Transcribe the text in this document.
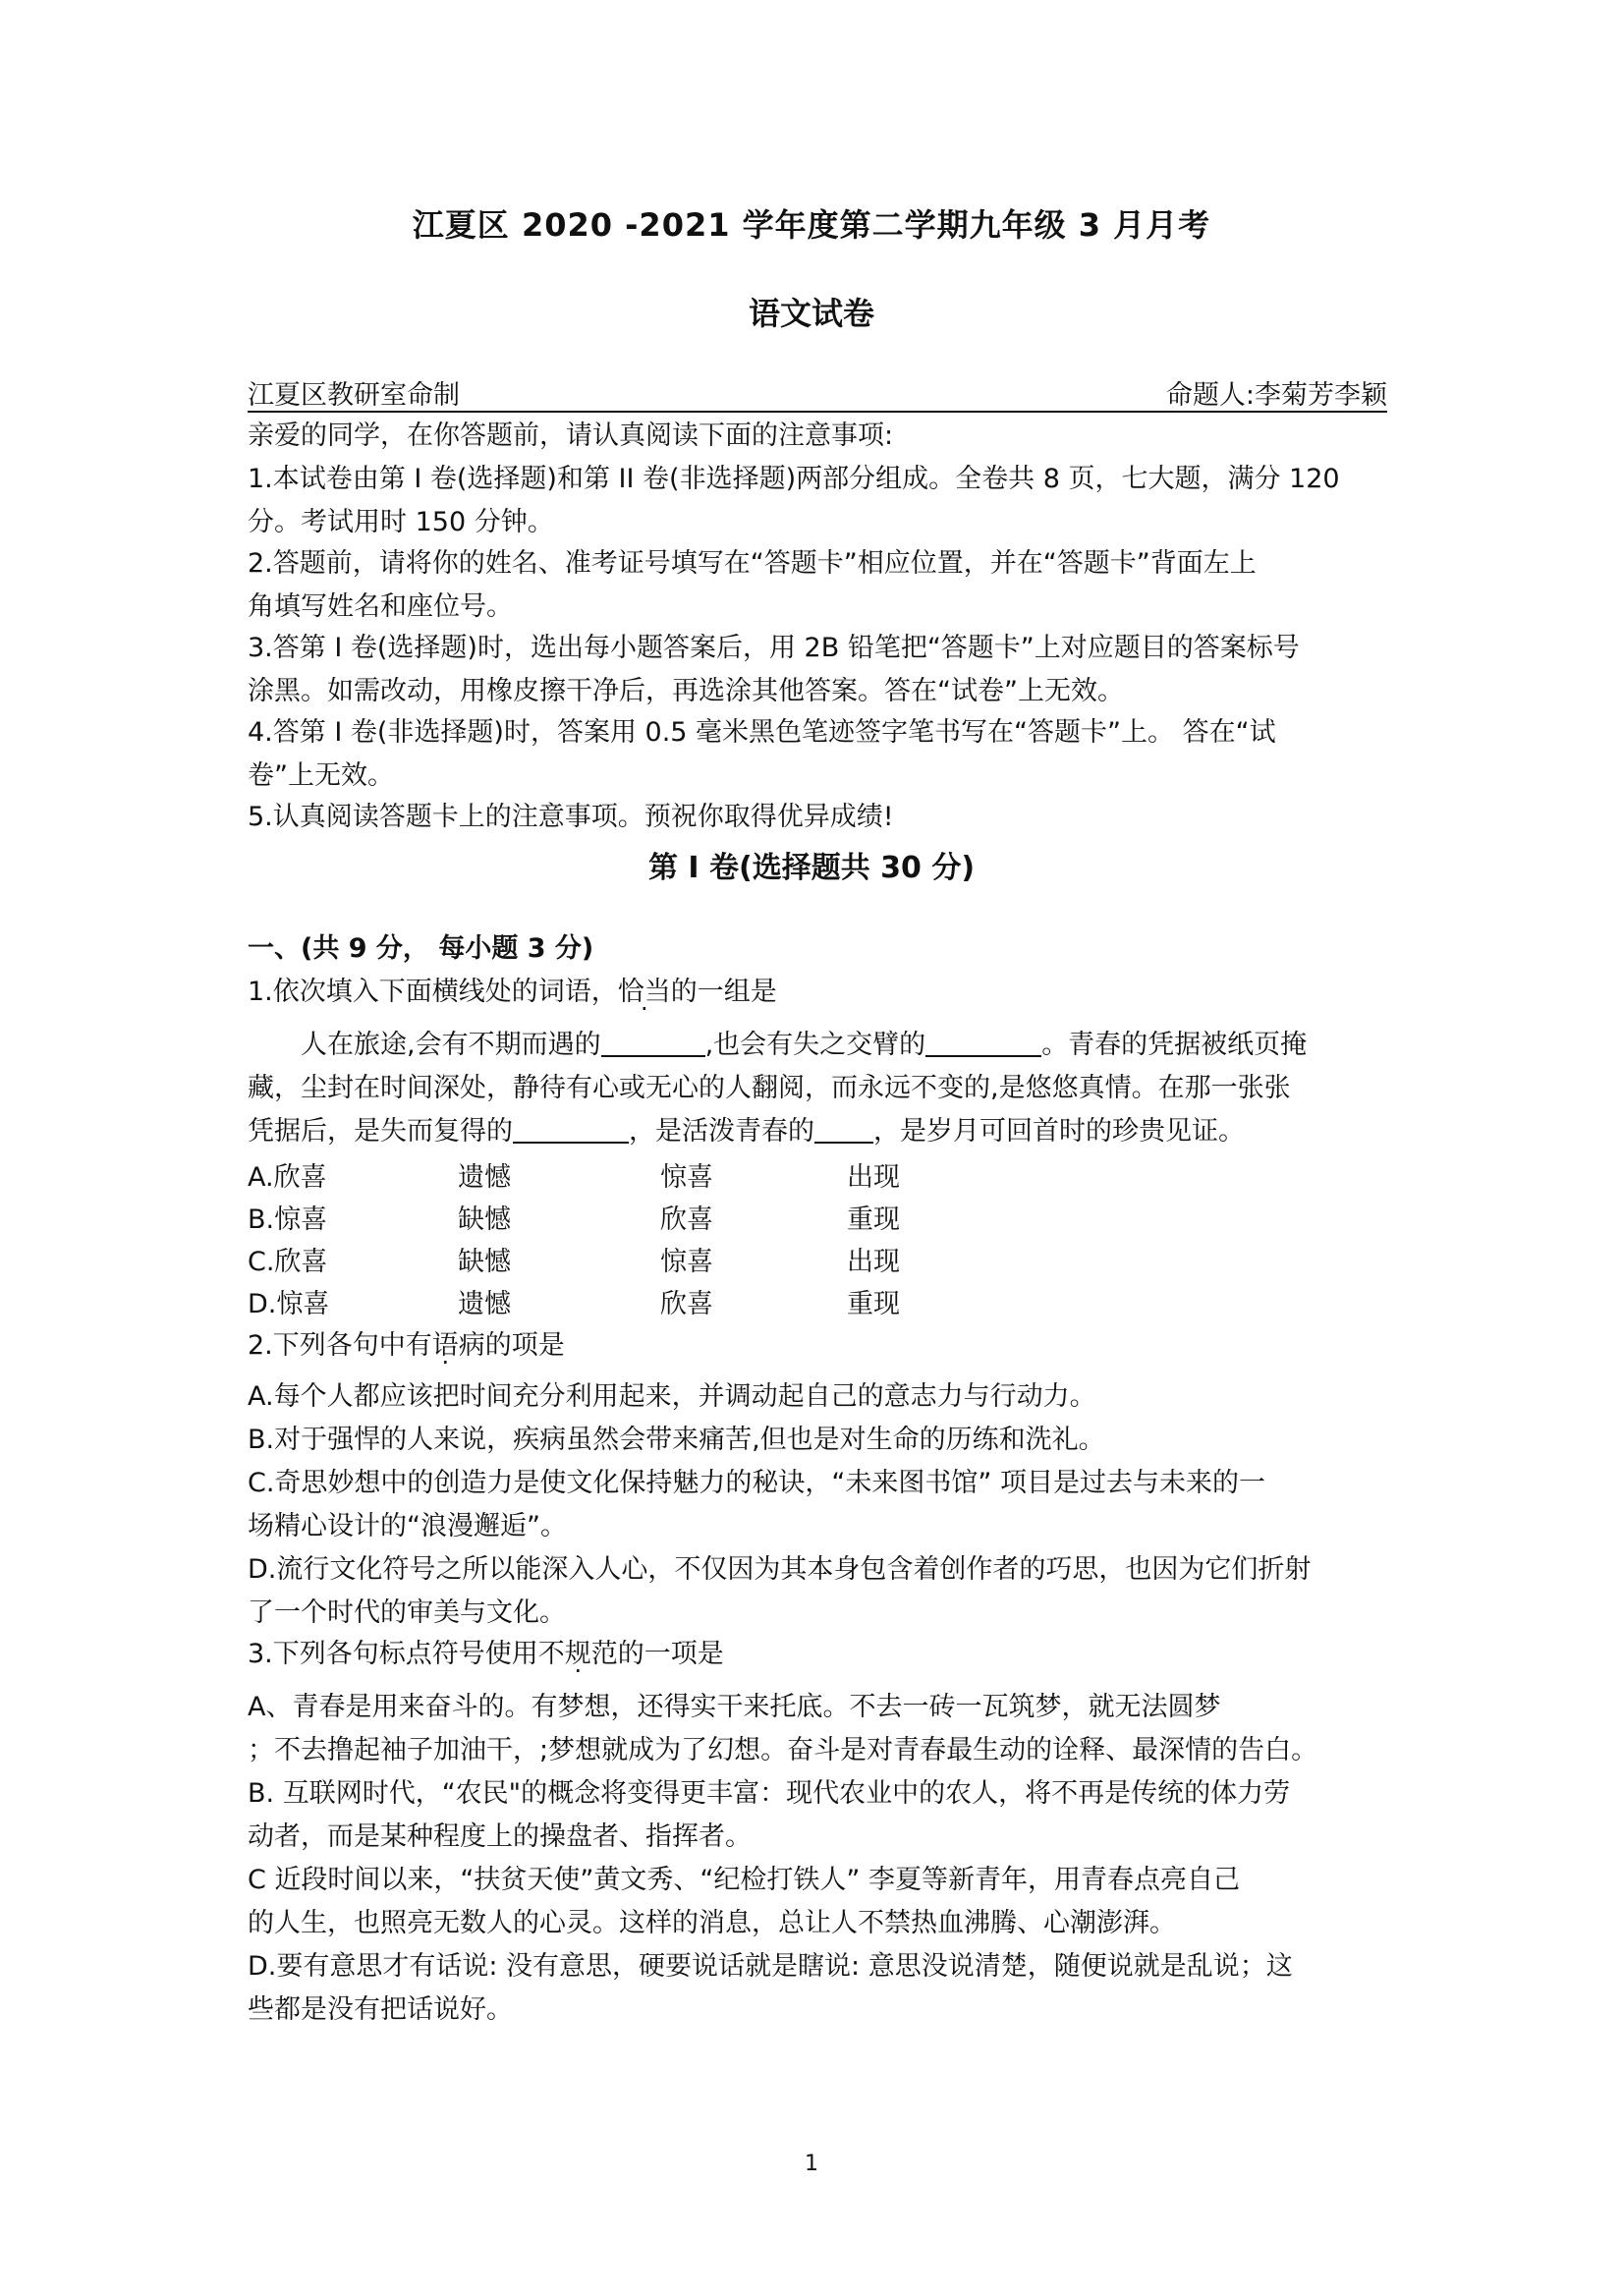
江夏区 2020 -2021 学年度第二学期九年级 3 月月考
语文试卷
江夏区教研室命制	命题人:李菊芳李颖
亲爱的同学，在你答题前，请认真阅读下面的注意事项:
1.本试卷由第 I 卷(选择题)和第 II 卷(非选择题)两部分组成。全卷共 8 页，七大题，满分 120
分。考试用时 150 分钟。
2.答题前，请将你的姓名、准考证号填写在“答题卡”相应位置，并在“答题卡”背面左上
角填写姓名和座位号。
3.答第 I 卷(选择题)时，选出每小题答案后，用 2B 铅笔把“答题卡”上对应题目的答案标号
涂黑。如需改动，用橡皮擦干净后，再选涂其他答案。答在“试卷”上无效。
4.答第 I 卷(非选择题)时，答案用 0.5 毫米黑色笔迹签字笔书写在“答题卡”上。 答在“试
卷”上无效。
5.认真阅读答题卡上的注意事项。预祝你取得优异成绩!
第 I 卷(选择题共 30 分)
一、(共 9 分， 每小题 3 分)
1.依次填入下面横线处的词语，恰当的一组是
人在旅途,会有不期而遇的	,也会有失之交臂的	。青春的凭据被纸页掩
藏，尘封在时间深处，静待有心或无心的人翻阅，而永远不变的,是悠悠真情。在那一张张
凭据后，是失而复得的	，是活泼青春的 ，是岁月可回首时的珍贵见证。
A.欣喜	遗憾	惊喜	出现
B.惊喜	缺憾	欣喜	重现
C.欣喜	缺憾	惊喜	出现
D.惊喜	遗憾	欣喜	重现
2.下列各句中有语病的项是
A.每个人都应该把时间充分利用起来，并调动起自己的意志力与行动力。
B.对于强悍的人来说，疾病虽然会带来痛苦,但也是对生命的历练和洗礼。
C.奇思妙想中的创造力是使文化保持魅力的秘诀，“未来图书馆” 项目是过去与未来的一
场精心设计的“浪漫邂逅”。
D.流行文化符号之所以能深入人心，不仅因为其本身包含着创作者的巧思，也因为它们折射
了一个时代的审美与文化。
3.下列各句标点符号使用不规范的一项是
A、青春是用来奋斗的。有梦想，还得实干来托底。不去一砖一瓦筑梦，就无法圆梦
；不去撸起袖子加油干，;梦想就成为了幻想。奋斗是对青春最生动的诠释、最深情的告白。
B. 互联网时代，“农民"的概念将变得更丰富：现代农业中的农人，将不再是传统的体力劳
动者，而是某种程度上的操盘者、指挥者。
C 近段时间以来，“扶贫天使”黄文秀、“纪检打铁人” 李夏等新青年，用青春点亮自己
的人生，也照亮无数人的心灵。这样的消息，总让人不禁热血沸腾、心潮澎湃。
D.要有意思才有话说: 没有意思，硬要说话就是瞎说: 意思没说清楚，随便说就是乱说；这
些都是没有把话说好。
1
